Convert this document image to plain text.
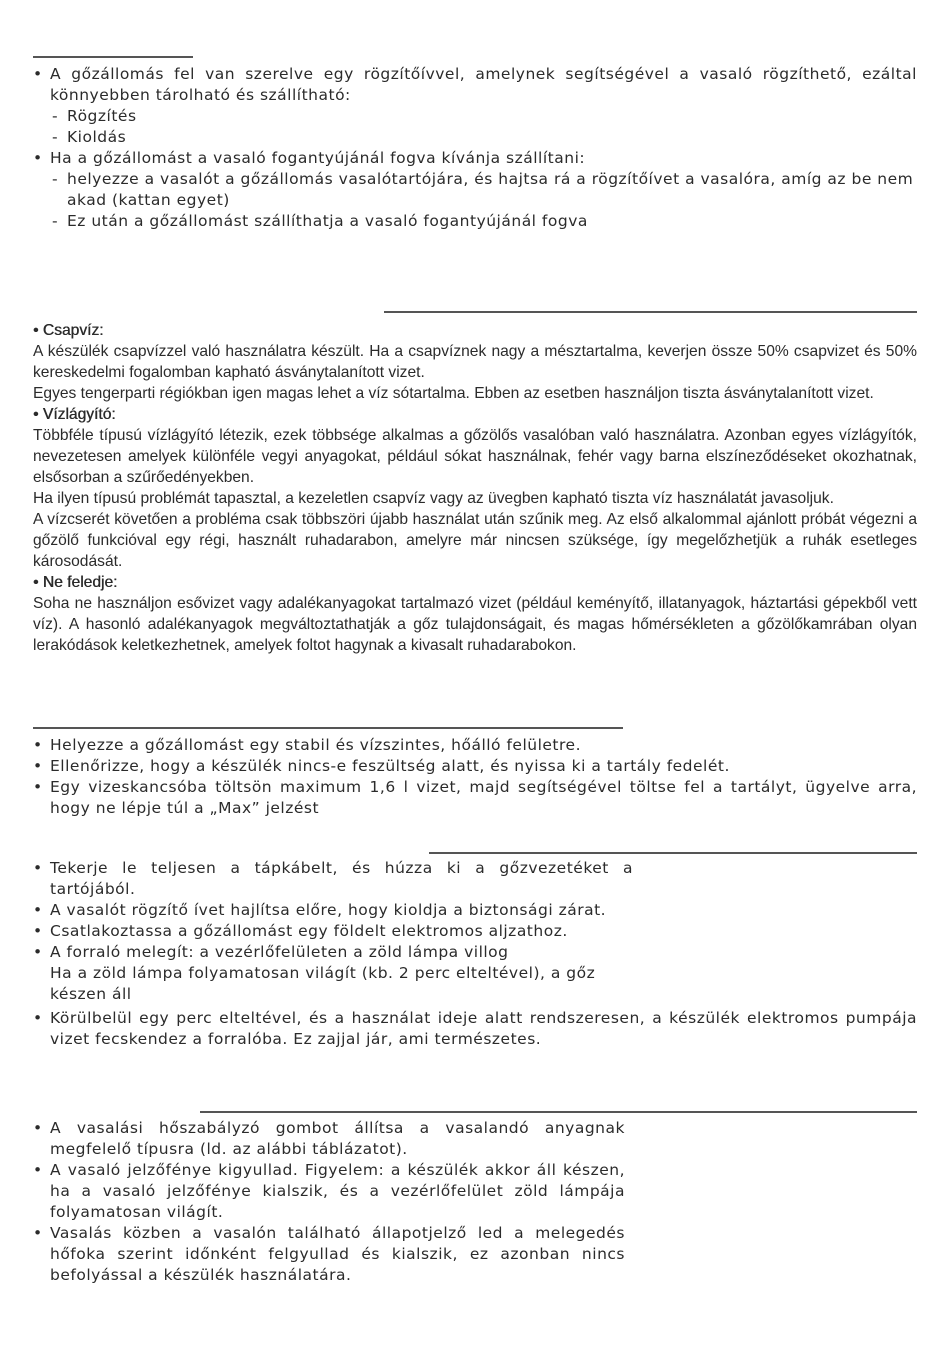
• A gőzállomás fel van szerelve egy rögzítőívvel, amelynek segítségével a vasaló rögzíthető, ezáltal könnyebben tárolható és szállítható:
- Rögzítés
- Kioldás
• Ha a gőzállomást a vasaló fogantyújánál fogva kívánja szállítani:
- helyezze a vasalót a gőzállomás vasalótartójára, és hajtsa rá a rögzítőívet a vasalóra, amíg az be nem akad (kattan egyet)
- Ez után a gőzállomást szállíthatja a vasaló fogantyújánál fogva
• Csapvíz:

A készülék csapvízzel való használatra készült. Ha a csapvíznek nagy a mésztartalma, keverjen össze 50% csapvizet és 50% kereskedelmi fogalomban kapható ásványtalanított vizet.

Egyes tengerparti régiókban igen magas lehet a víz sótartalma. Ebben az esetben használjon tiszta ásványtalanított vizet.

• Vízlágyító:

Többféle típusú vízlágyító létezik, ezek többsége alkalmas a gőzölős vasalóban való használatra. Azonban egyes vízlágyítók, nevezetesen amelyek különféle vegyi anyagokat, például sókat használnak, fehér vagy barna elszíneződéseket okozhatnak, elsősorban a szűrőedényekben.

Ha ilyen típusú problémát tapasztal, a kezeletlen csapvíz vagy az üvegben kapható tiszta víz használatát javasoljuk.

A vízcserét követően a probléma csak többszöri újabb használat után szűnik meg. Az első alkalommal ajánlott próbát végezni a gőzölő funkcióval egy régi, használt ruhadarabon, amelyre már nincsen szüksége, így megelőzhetjük a ruhák esetleges károsodását.

• Ne feledje:

Soha ne használjon esővizet vagy adalékanyagokat tartalmazó vizet (például keményítő, illatanyagok, háztartási gépekből vett víz). A hasonló adalékanyagok megváltoztathatják a gőz tulajdonságait, és magas hőmérsékleten a gőzölőkamrában olyan lerakódások keletkezhetnek, amelyek foltot hagynak a kivasalt ruhadarabokon.

• Helyezze a gőzállomást egy stabil és vízszintes, hőálló felületre.
• Ellenőrizze, hogy a készülék nincs-e feszültség alatt, és nyissa ki a tartály fedelét.
• Egy vizeskancsóba töltsön maximum 1,6 l vizet, majd segítségével töltse fel a tartályt, ügyelve arra, hogy ne lépje túl a „Max” jelzést
• Tekerje le teljesen a tápkábelt, és húzza ki a gőzvezetéket a tartójából.
• A vasalót rögzítő ívet hajlítsa előre, hogy kioldja a biztonsági zárat.
• Csatlakoztassa a gőzállomást egy földelt elektromos aljzathoz.
• A forraló melegít: a vezérlőfelületen a zöld lámpa villog
Ha a zöld lámpa folyamatosan világít (kb. 2 perc elteltével), a gőz készen áll
• Körülbelül egy perc elteltével, és a használat ideje alatt rendszeresen, a készülék elektromos pumpája vizet fecskendez a forralóba. Ez zajjal jár, ami természetes.
• A vasalási hőszabályzó gombot állítsa a vasalandó anyagnak megfelelő típusra (ld. az alábbi táblázatot).
• A vasaló jelzőfénye kigyullad. Figyelem: a készülék akkor áll készen, ha a vasaló jelzőfénye kialszik, és a vezérlőfelület zöld lámpája folyamatosan világít.
• Vasalás közben a vasalón található állapotjelző led a melegedés hőfoka szerint időnként felgyullad és kialszik, ez azonban nincs befolyással a készülék használatára.
